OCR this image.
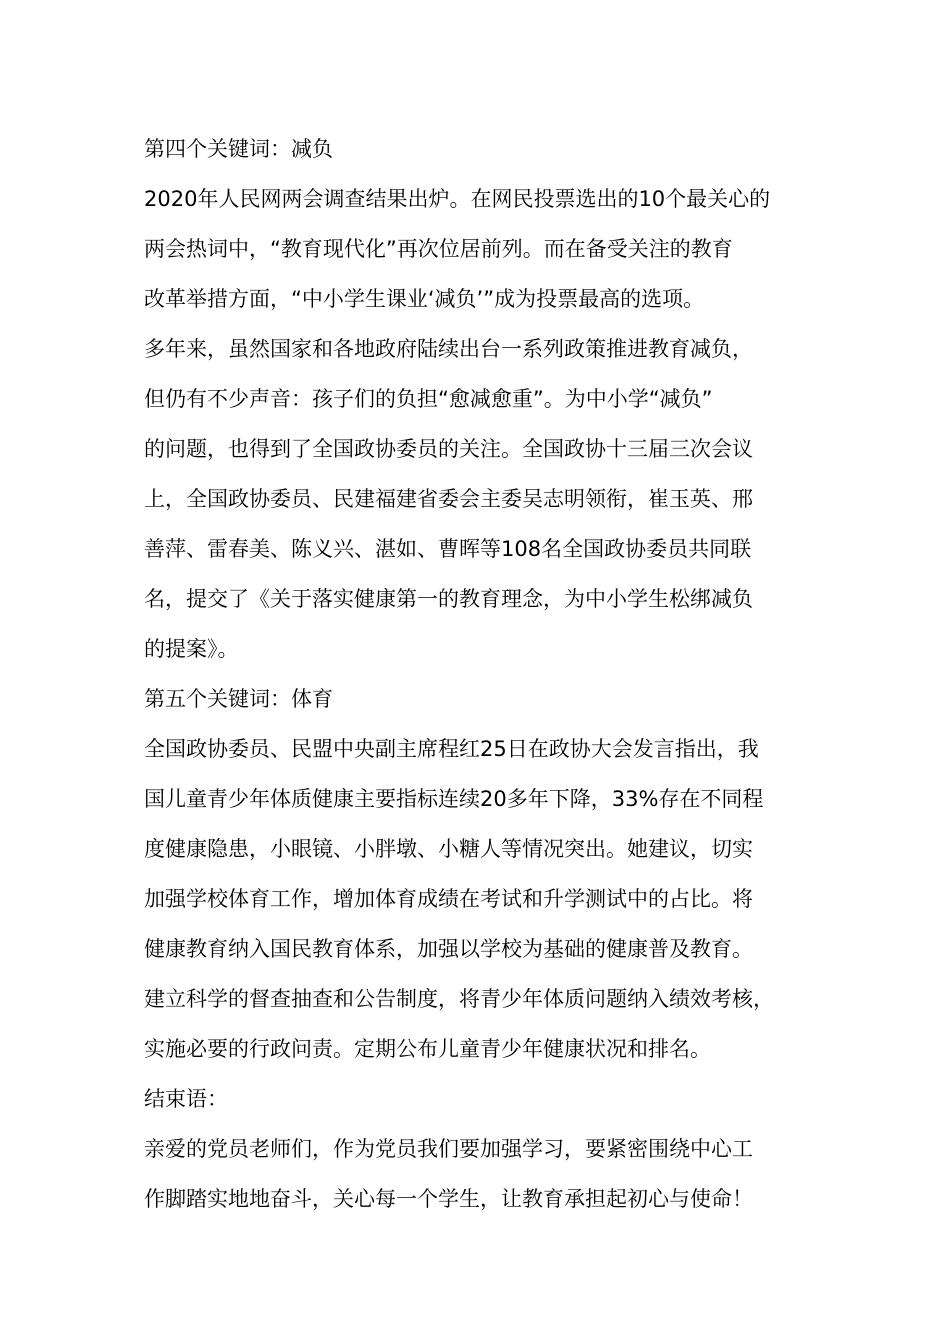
第四个关键词：减负
2020年人民网两会调查结果出炉。在网民投票选出的10个最关心的
两会热词中，“教育现代化”再次位居前列。而在备受关注的教育
改革举措方面，“中小学生课业‘减负’”成为投票最高的选项。
多年来，虽然国家和各地政府陆续出台一系列政策推进教育减负，
但仍有不少声音：孩子们的负担“愈减愈重”。为中小学“减负”
的问题，也得到了全国政协委员的关注。全国政协十三届三次会议
上，全国政协委员、民建福建省委会主委吴志明领衔，崔玉英、邢
善萍、雷春美、陈义兴、湛如、曹晖等108名全国政协委员共同联
名，提交了《关于落实健康第一的教育理念，为中小学生松绑减负
的提案》。
第五个关键词：体育
全国政协委员、民盟中央副主席程红25日在政协大会发言指出，我
国儿童青少年体质健康主要指标连续20多年下降，33%存在不同程
度健康隐患，小眼镜、小胖墩、小糖人等情况突出。她建议，切实
加强学校体育工作，增加体育成绩在考试和升学测试中的占比。将
健康教育纳入国民教育体系，加强以学校为基础的健康普及教育。
建立科学的督查抽查和公告制度，将青少年体质问题纳入绩效考核，
实施必要的行政问责。定期公布儿童青少年健康状况和排名。
结束语：
亲爱的党员老师们，作为党员我们要加强学习，要紧密围绕中心工
作脚踏实地地奋斗，关心每一个学生，让教育承担起初心与使命！
